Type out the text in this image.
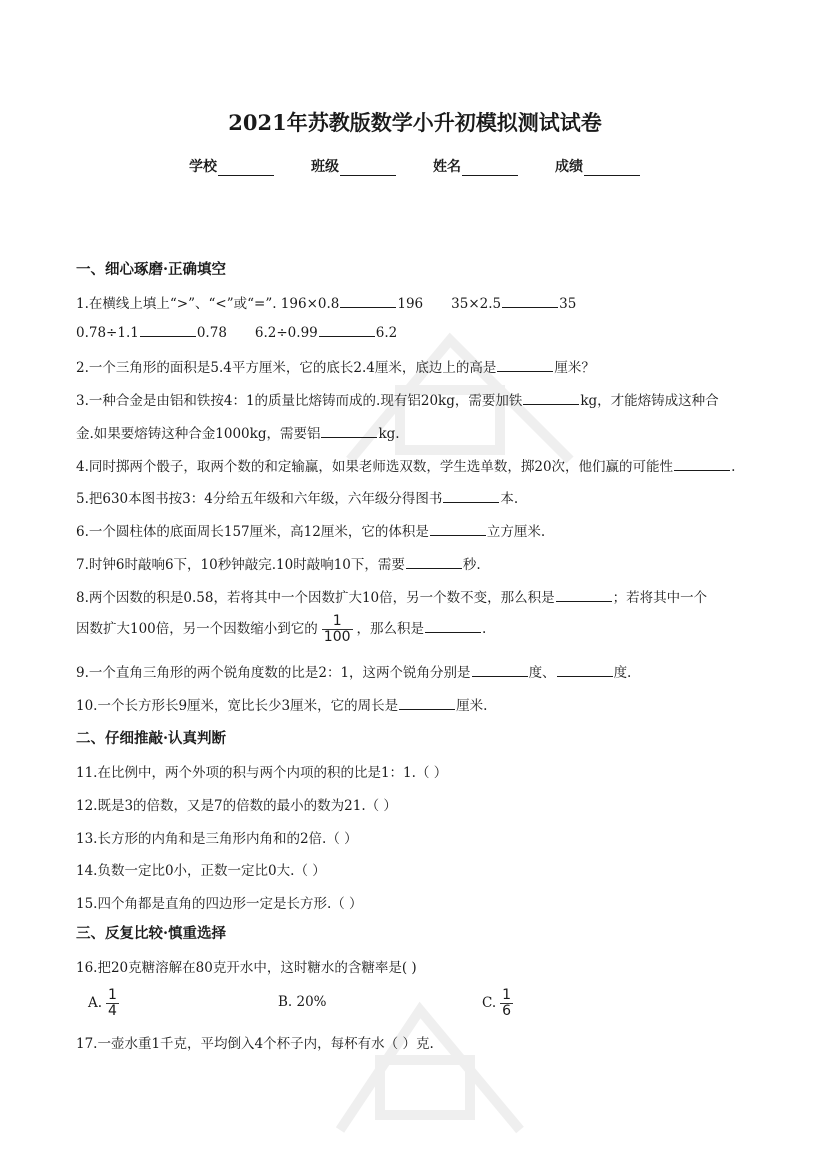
2021年苏教版数学小升初模拟测试试卷
学校	班级	姓名	成绩
一、细心琢磨·正确填空
1.在横线上填上“>”、“<”或“=”. 196×0.8	196 35×2.5	35
0.78÷1.1	0.78 6.2÷0.99	6.2
2.一个三角形的面积是5.4平方厘米，它的底长2.4厘米，底边上的高是	厘米？
3.一种合金是由铝和铁按4：1的质量比熔铸而成的.现有铝20kg，需要加铁	kg，才能熔铸成这种合
金.如果要熔铸这种合金1000kg，需要铝	kg.
4.同时掷两个骰子，取两个数的和定输赢，如果老师选双数，学生选单数，掷20次，他们赢的可能性	.
5.把630本图书按3：4分给五年级和六年级，六年级分得图书	本.
6.一个圆柱体的底面周长157厘米，高12厘米，它的体积是	立方厘米.
7.时钟6时敲响6下，10秒钟敲完.10时敲响10下，需要	秒.
8.两个因数的积是0.58，若将其中一个因数扩大10倍，另一个数不变，那么积是	；若将其中一个
因数扩大100倍，另一个因数缩小到它的 $\frac{1}{100}$ ，那么积是	.
9.一个直角三角形的两个锐角度数的比是2：1，这两个锐角分别是	度、	度.
10.一个长方形长9厘米，宽比长少3厘米，它的周长是	厘米.
二、仔细推敲·认真判断
11.在比例中，两个外项的积与两个内项的积的比是1：1.（ ）
12.既是3的倍数，又是7的倍数的最小的数为21.（ ）
13.长方形的内角和是三角形内角和的2倍.（ ）
14.负数一定比0小，正数一定比0大.（ ）
15.四个角都是直角的四边形一定是长方形.（ ）
三、反复比较·慎重选择
16.把20克糖溶解在80克开水中，这时糖水的含糖率是( )
A. $\frac{1}{4}$	B. 20%	C. $\frac{1}{6}$
17.一壶水重1千克，平均倒入4个杯子内，每杯有水（ ）克.
